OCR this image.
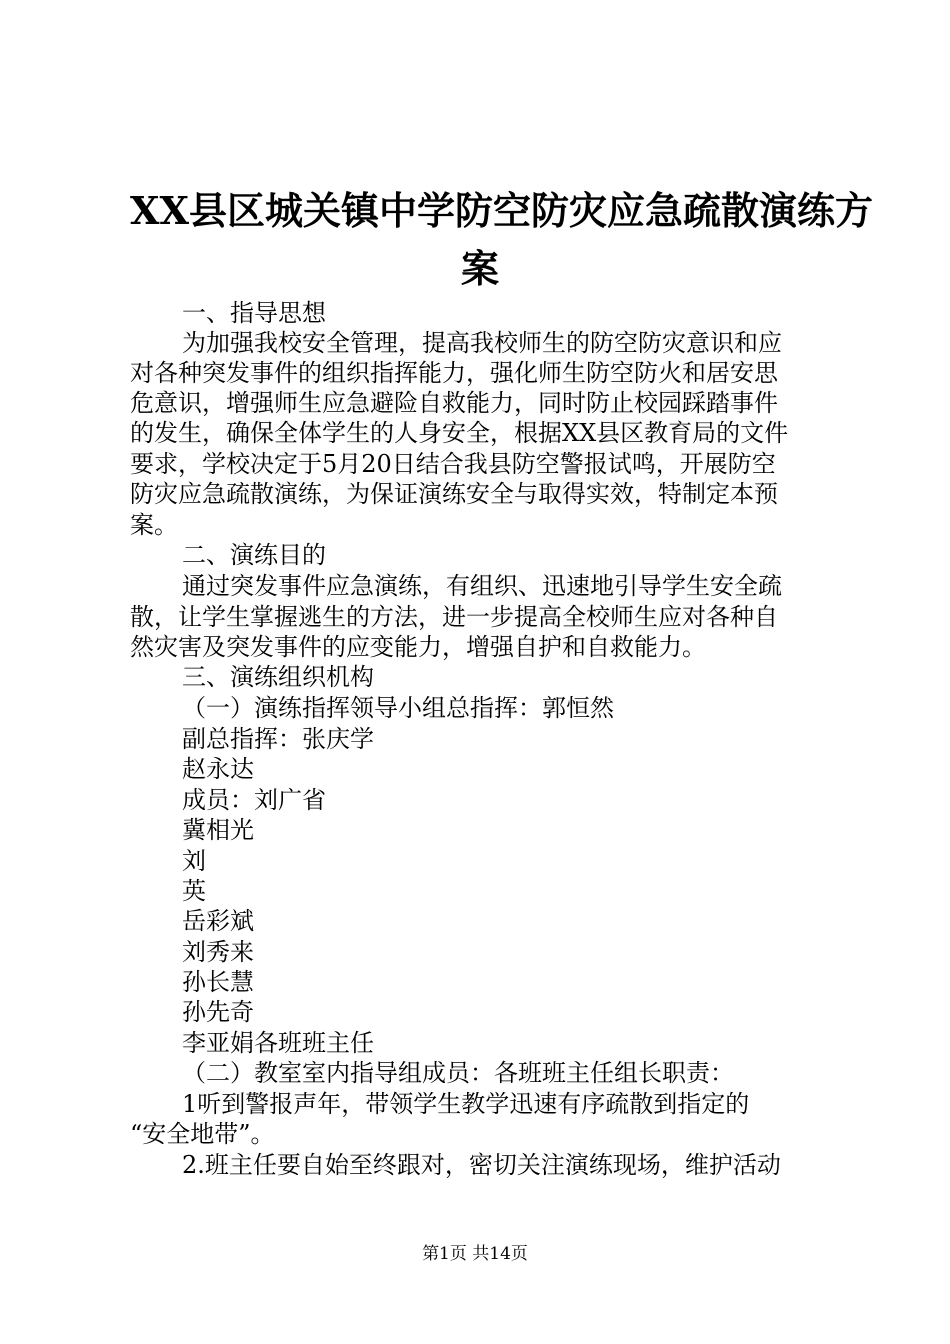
XX县区城关镇中学防空防灾应急疏散演练方
案
一、指导思想
为加强我校安全管理，提高我校师生的防空防灾意识和应
对各种突发事件的组织指挥能力，强化师生防空防火和居安思
危意识，增强师生应急避险自救能力，同时防止校园踩踏事件
的发生，确保全体学生的人身安全，根据XX县区教育局的文件
要求，学校决定于5月20日结合我县防空警报试鸣，开展防空
防灾应急疏散演练，为保证演练安全与取得实效，特制定本预
案。
二、演练目的
通过突发事件应急演练，有组织、迅速地引导学生安全疏
散，让学生掌握逃生的方法，进一步提高全校师生应对各种自
然灾害及突发事件的应变能力，增强自护和自救能力。
三、演练组织机构
（一）演练指挥领导小组总指挥：郭恒然
副总指挥：张庆学
赵永达
成员：刘广省
冀相光
刘
英
岳彩斌
刘秀来
孙长慧
孙先奇
李亚娟各班班主任
（二）教室室内指导组成员：各班班主任组长职责：
1听到警报声年，带领学生教学迅速有序疏散到指定的
“安全地带”。
2.班主任要自始至终跟对，密切关注演练现场，维护活动
第1页 共14页
